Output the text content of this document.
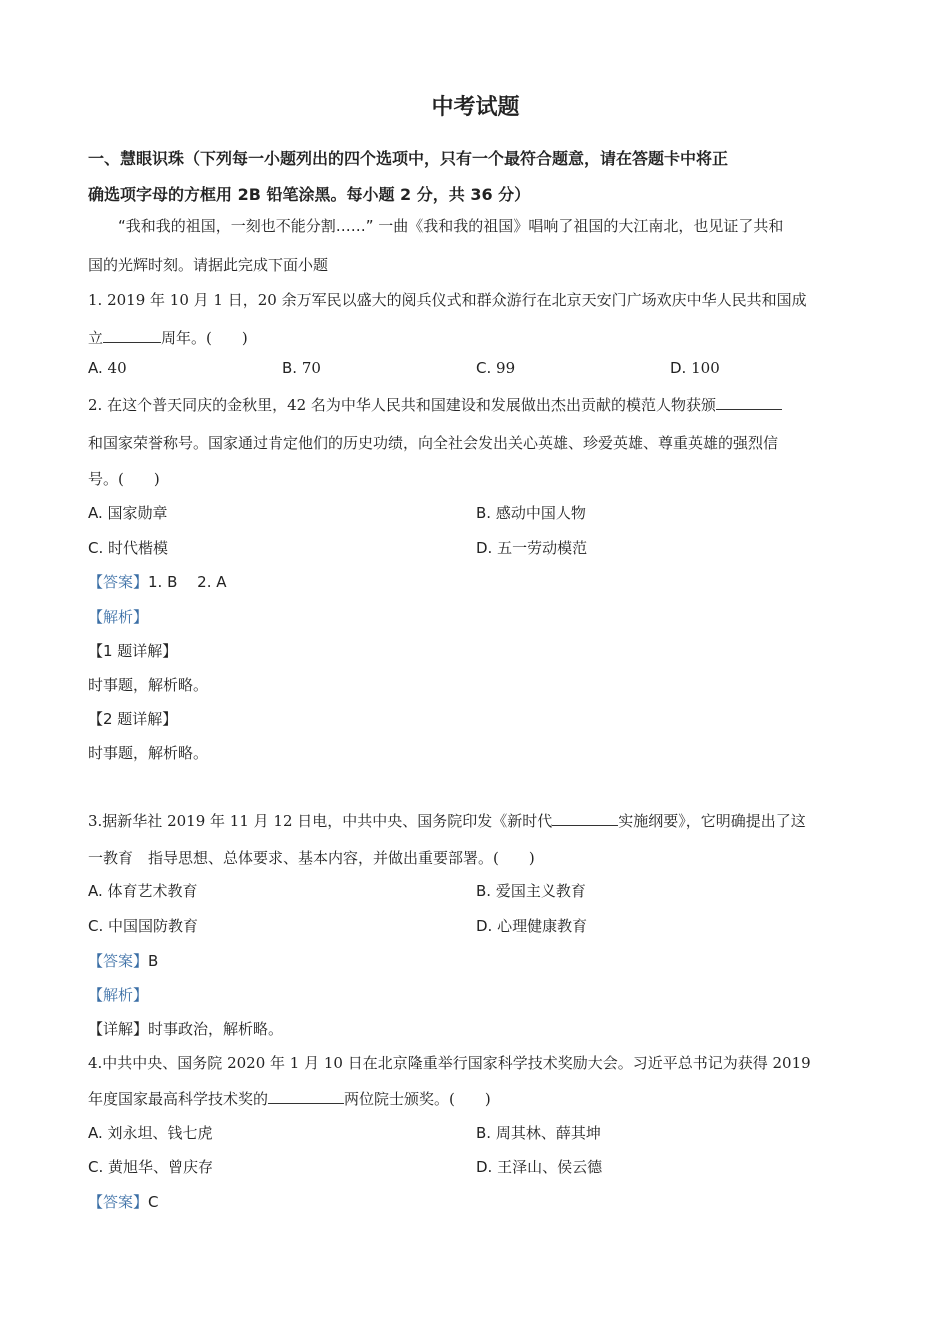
中考试题
一、慧眼识珠（下列每一小题列出的四个选项中，只有一个最符合题意，请在答题卡中将正
确选项字母的方框用 2B 铅笔涂黑。每小题 2 分，共 36 分）
“我和我的祖国，一刻也不能分割……” 一曲《我和我的祖国》唱响了祖国的大江南北，也见证了共和
国的光辉时刻。请据此完成下面小题
1. 2019 年 10 月 1 日，20 余万军民以盛大的阅兵仪式和群众游行在北京天安门广场欢庆中华人民共和国成
立	周年。(　　)
A. 40	B. 70	C. 99	D. 100
2. 在这个普天同庆的金秋里，42 名为中华人民共和国建设和发展做出杰出贡献的模范人物获颁
和国家荣誉称号。国家通过肯定他们的历史功绩，向全社会发出关心英雄、珍爱英雄、尊重英雄的强烈信
号。(　　)
A. 国家勋章	B. 感动中国人物
C. 时代楷模	D. 五一劳动模范
【答案】1. B　 2. A
【解析】
【1 题详解】
时事题，解析略。
【2 题详解】
时事题，解析略。
3.据新华社 2019 年 11 月 12 日电，中共中央、国务院印发《新时代	实施纲要》，它明确提出了这
一教育　指导思想、总体要求、基本内容，并做出重要部署。(　　)
A. 体育艺术教育	B. 爱国主义教育
C. 中国国防教育	D. 心理健康教育
【答案】B
【解析】
【详解】时事政治，解析略。
4.中共中央、国务院 2020 年 1 月 10 日在北京隆重举行国家科学技术奖励大会。习近平总书记为获得 2019
年度国家最高科学技术奖的	两位院士颁奖。(　　)
A. 刘永坦、钱七虎	B. 周其林、薛其坤
C. 黄旭华、曾庆存	D. 王泽山、侯云德
【答案】C
